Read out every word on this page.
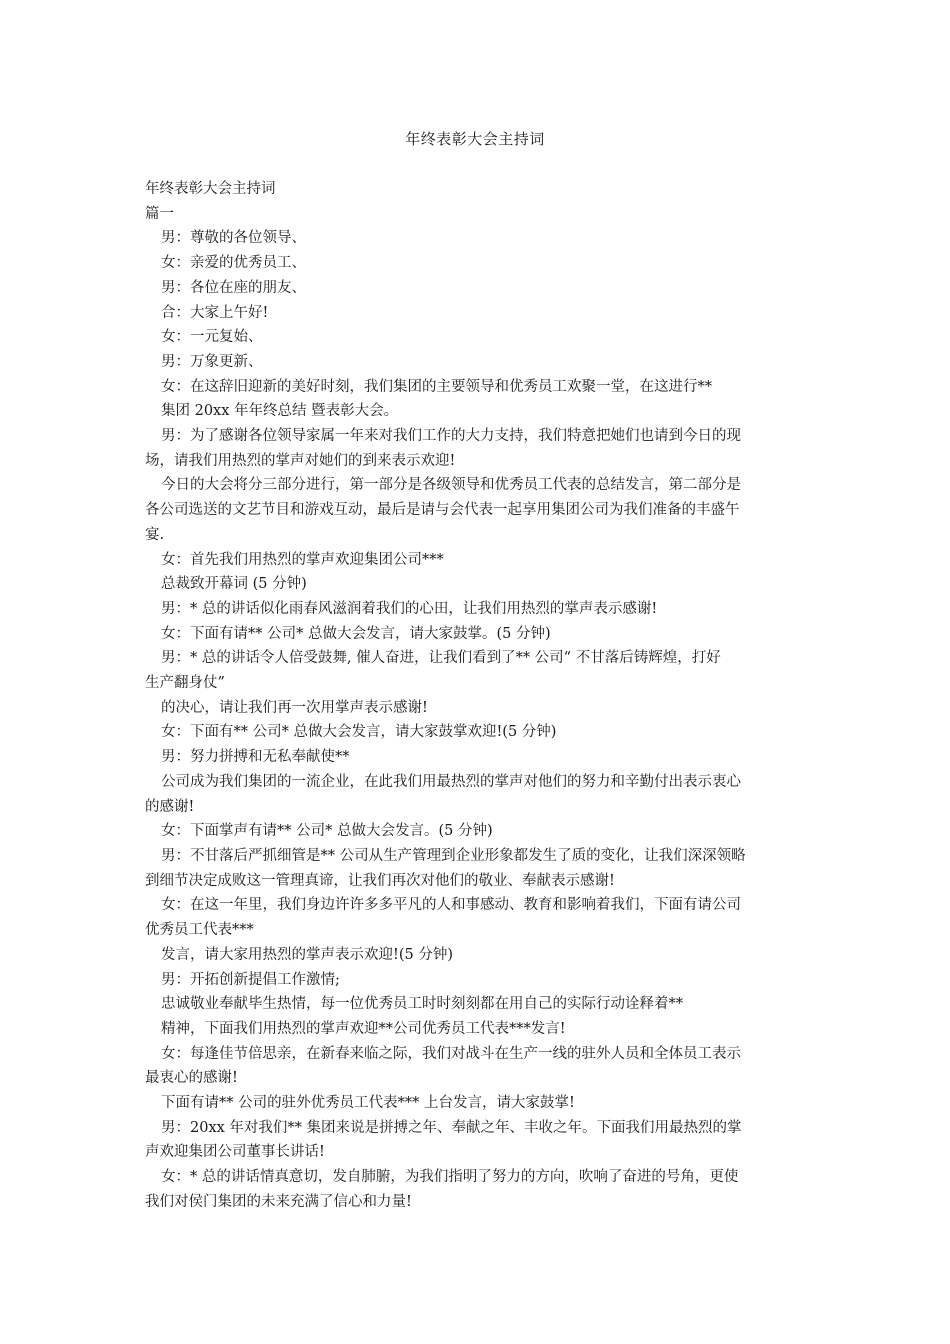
年终表彰大会主持词
年终表彰大会主持词
篇一
男：尊敬的各位领导、
女：亲爱的优秀员工、
男：各位在座的朋友、
合：大家上午好!
女：一元复始、
男：万象更新、
女：在这辞旧迎新的美好时刻，我们集团的主要领导和优秀员工欢聚一堂，在这进行**
集团 20xx 年年终总结 暨表彰大会。
男：为了感谢各位领导家属一年来对我们工作的大力支持，我们特意把她们也请到今日的现
场，请我们用热烈的掌声对她们的到来表示欢迎!
今日的大会将分三部分进行，第一部分是各级领导和优秀员工代表的总结发言，第二部分是
各公司选送的文艺节目和游戏互动，最后是请与会代表一起享用集团公司为我们准备的丰盛午
宴.
女：首先我们用热烈的掌声欢迎集团公司***
总裁致开幕词 (5 分钟)
男：* 总的讲话似化雨春风滋润着我们的心田，让我们用热烈的掌声表示感谢!
女：下面有请** 公司* 总做大会发言，请大家鼓掌。(5 分钟)
男：* 总的讲话令人倍受鼓舞, 催人奋进，让我们看到了** 公司“ 不甘落后铸辉煌，打好
生产翻身仗”
的决心，请让我们再一次用掌声表示感谢!
女：下面有** 公司* 总做大会发言，请大家鼓掌欢迎!(5 分钟)
男：努力拼搏和无私奉献使**
公司成为我们集团的一流企业，在此我们用最热烈的掌声对他们的努力和辛勤付出表示衷心
的感谢!
女：下面掌声有请** 公司* 总做大会发言。(5 分钟)
男：不甘落后严抓细管是** 公司从生产管理到企业形象都发生了质的变化，让我们深深领略
到细节决定成败这一管理真谛，让我们再次对他们的敬业、奉献表示感谢!
女：在这一年里，我们身边许许多多平凡的人和事感动、教育和影响着我们，下面有请公司
优秀员工代表***
发言，请大家用热烈的掌声表示欢迎!(5 分钟)
男：开拓创新提倡工作激情;
忠诚敬业奉献毕生热情，每一位优秀员工时时刻刻都在用自己的实际行动诠释着**
精神，下面我们用热烈的掌声欢迎**公司优秀员工代表***发言!
女：每逢佳节倍思亲，在新春来临之际，我们对战斗在生产一线的驻外人员和全体员工表示
最衷心的感谢!
下面有请** 公司的驻外优秀员工代表*** 上台发言，请大家鼓掌!
男：20xx 年对我们** 集团来说是拼搏之年、奉献之年、丰收之年。下面我们用最热烈的掌
声欢迎集团公司董事长讲话!
女：* 总的讲话情真意切，发自肺腑，为我们指明了努力的方向，吹响了奋进的号角，更使
我们对侯门集团的未来充满了信心和力量!
